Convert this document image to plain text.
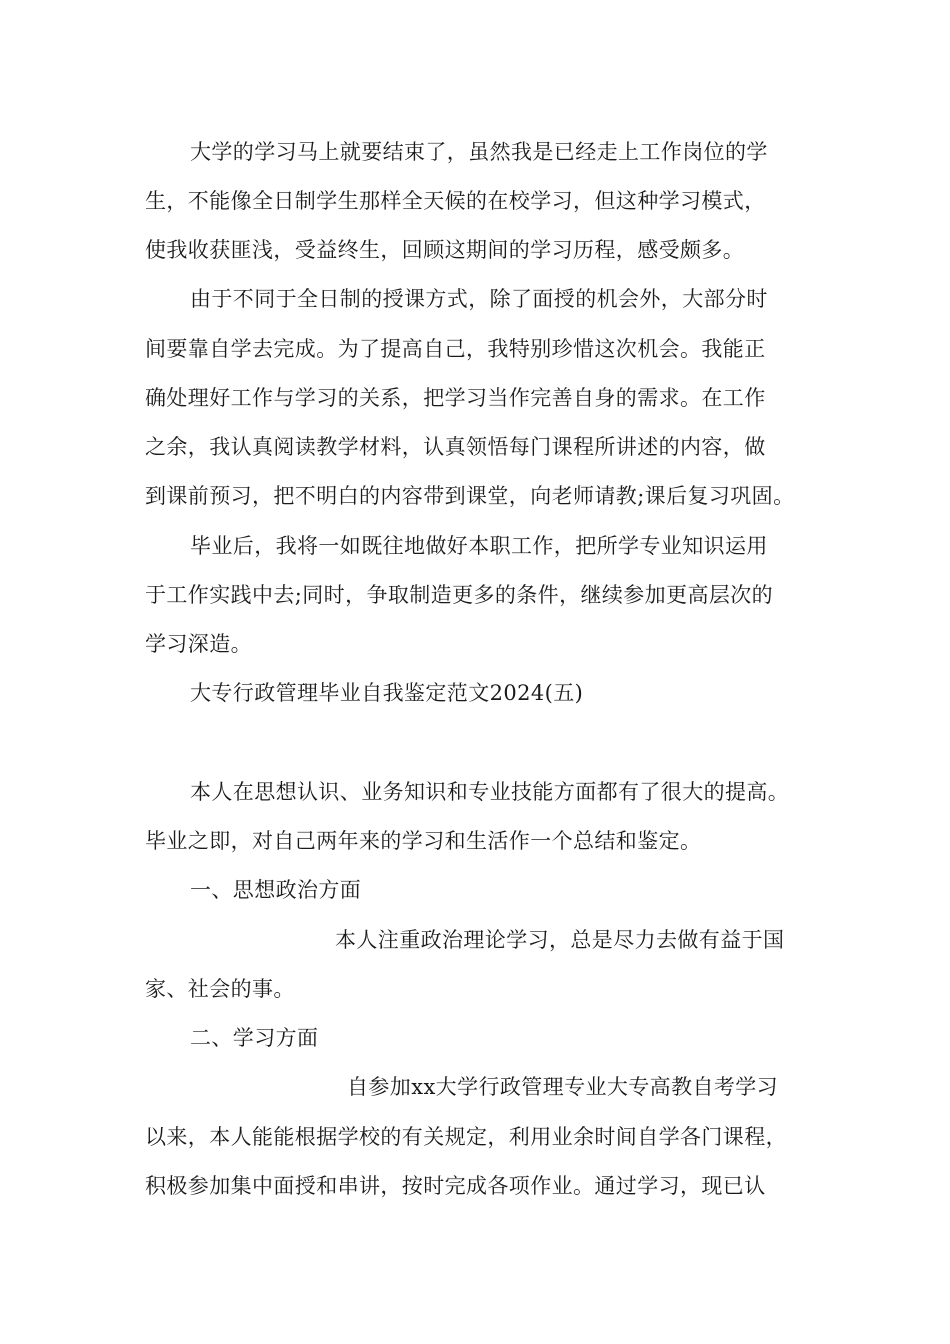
大学的学习马上就要结束了，虽然我是已经走上工作岗位的学
生，不能像全日制学生那样全天候的在校学习，但这种学习模式，
使我收获匪浅，受益终生，回顾这期间的学习历程，感受颇多。
由于不同于全日制的授课方式，除了面授的机会外，大部分时
间要靠自学去完成。为了提高自己，我特别珍惜这次机会。我能正
确处理好工作与学习的关系，把学习当作完善自身的需求。在工作
之余，我认真阅读教学材料，认真领悟每门课程所讲述的内容，做
到课前预习，把不明白的内容带到课堂，向老师请教;课后复习巩固。
毕业后，我将一如既往地做好本职工作，把所学专业知识运用
于工作实践中去;同时，争取制造更多的条件，继续参加更高层次的
学习深造。
大专行政管理毕业自我鉴定范文2024(五)
本人在思想认识、业务知识和专业技能方面都有了很大的提高。
毕业之即，对自己两年来的学习和生活作一个总结和鉴定。
一、思想政治方面
本人注重政治理论学习，总是尽力去做有益于国
家、社会的事。
二、学习方面
自参加xx大学行政管理专业大专高教自考学习
以来，本人能能根据学校的有关规定，利用业余时间自学各门课程，
积极参加集中面授和串讲，按时完成各项作业。通过学习，现已认
